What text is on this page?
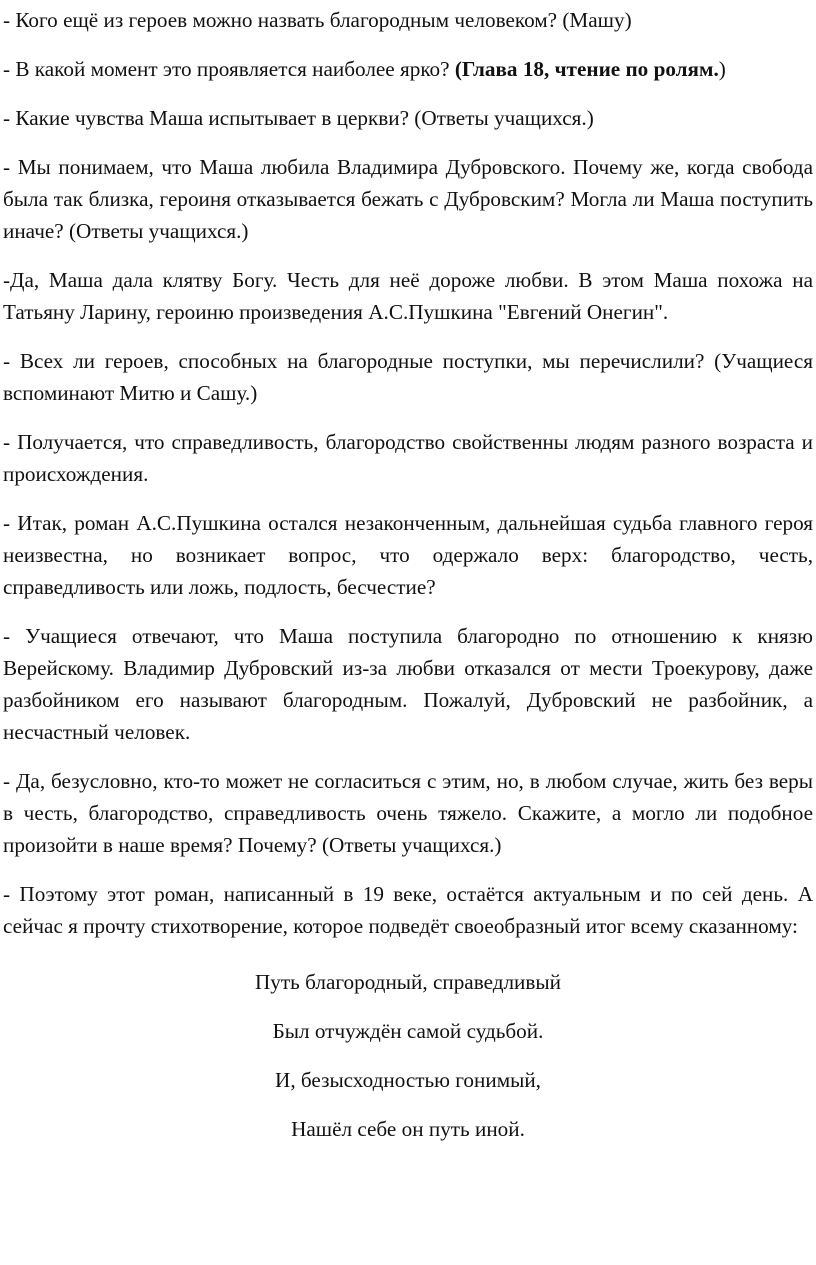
- Кого ещё из героев можно назвать благородным человеком? (Машу)

- В какой момент это проявляется наиболее ярко? (Глава 18, чтение по ролям.)

- Какие чувства Маша испытывает в церкви? (Ответы учащихся.)

- Мы понимаем, что Маша любила Владимира Дубровского. Почему же, когда свобода была так близка, героиня отказывается бежать с Дубровским? Могла ли Маша поступить иначе? (Ответы учащихся.)

-Да, Маша дала клятву Богу. Честь для неё дороже любви. В этом Маша похожа на Татьяну Ларину, героиню произведения А.С.Пушкина "Евгений Онегин".

- Всех ли героев, способных на благородные поступки, мы перечислили? (Учащиеся вспоминают Митю и Сашу.)

- Получается, что справедливость, благородство свойственны людям разного возраста и происхождения.

- Итак, роман А.С.Пушкина остался незаконченным, дальнейшая судьба главного героя неизвестна, но возникает вопрос, что одержало верх: благородство, честь, справедливость или ложь, подлость, бесчестие?

- Учащиеся отвечают, что Маша поступила благородно по отношению к князю Верейскому. Владимир Дубровский из-за любви отказался от мести Троекурову, даже разбойником его называют благородным. Пожалуй, Дубровский не разбойник, а несчастный человек.

- Да, безусловно, кто-то может не согласиться с этим, но, в любом случае, жить без веры в честь, благородство, справедливость очень тяжело. Скажите, а могло ли подобное произойти в наше время? Почему? (Ответы учащихся.)

- Поэтому этот роман, написанный в 19 веке, остаётся актуальным и по сей день. А сейчас я прочту стихотворение, которое подведёт своеобразный итог всему сказанному:

Путь благородный, справедливый

Был отчуждён самой судьбой.

И, безысходностью гонимый,

Нашёл себе он путь иной.
